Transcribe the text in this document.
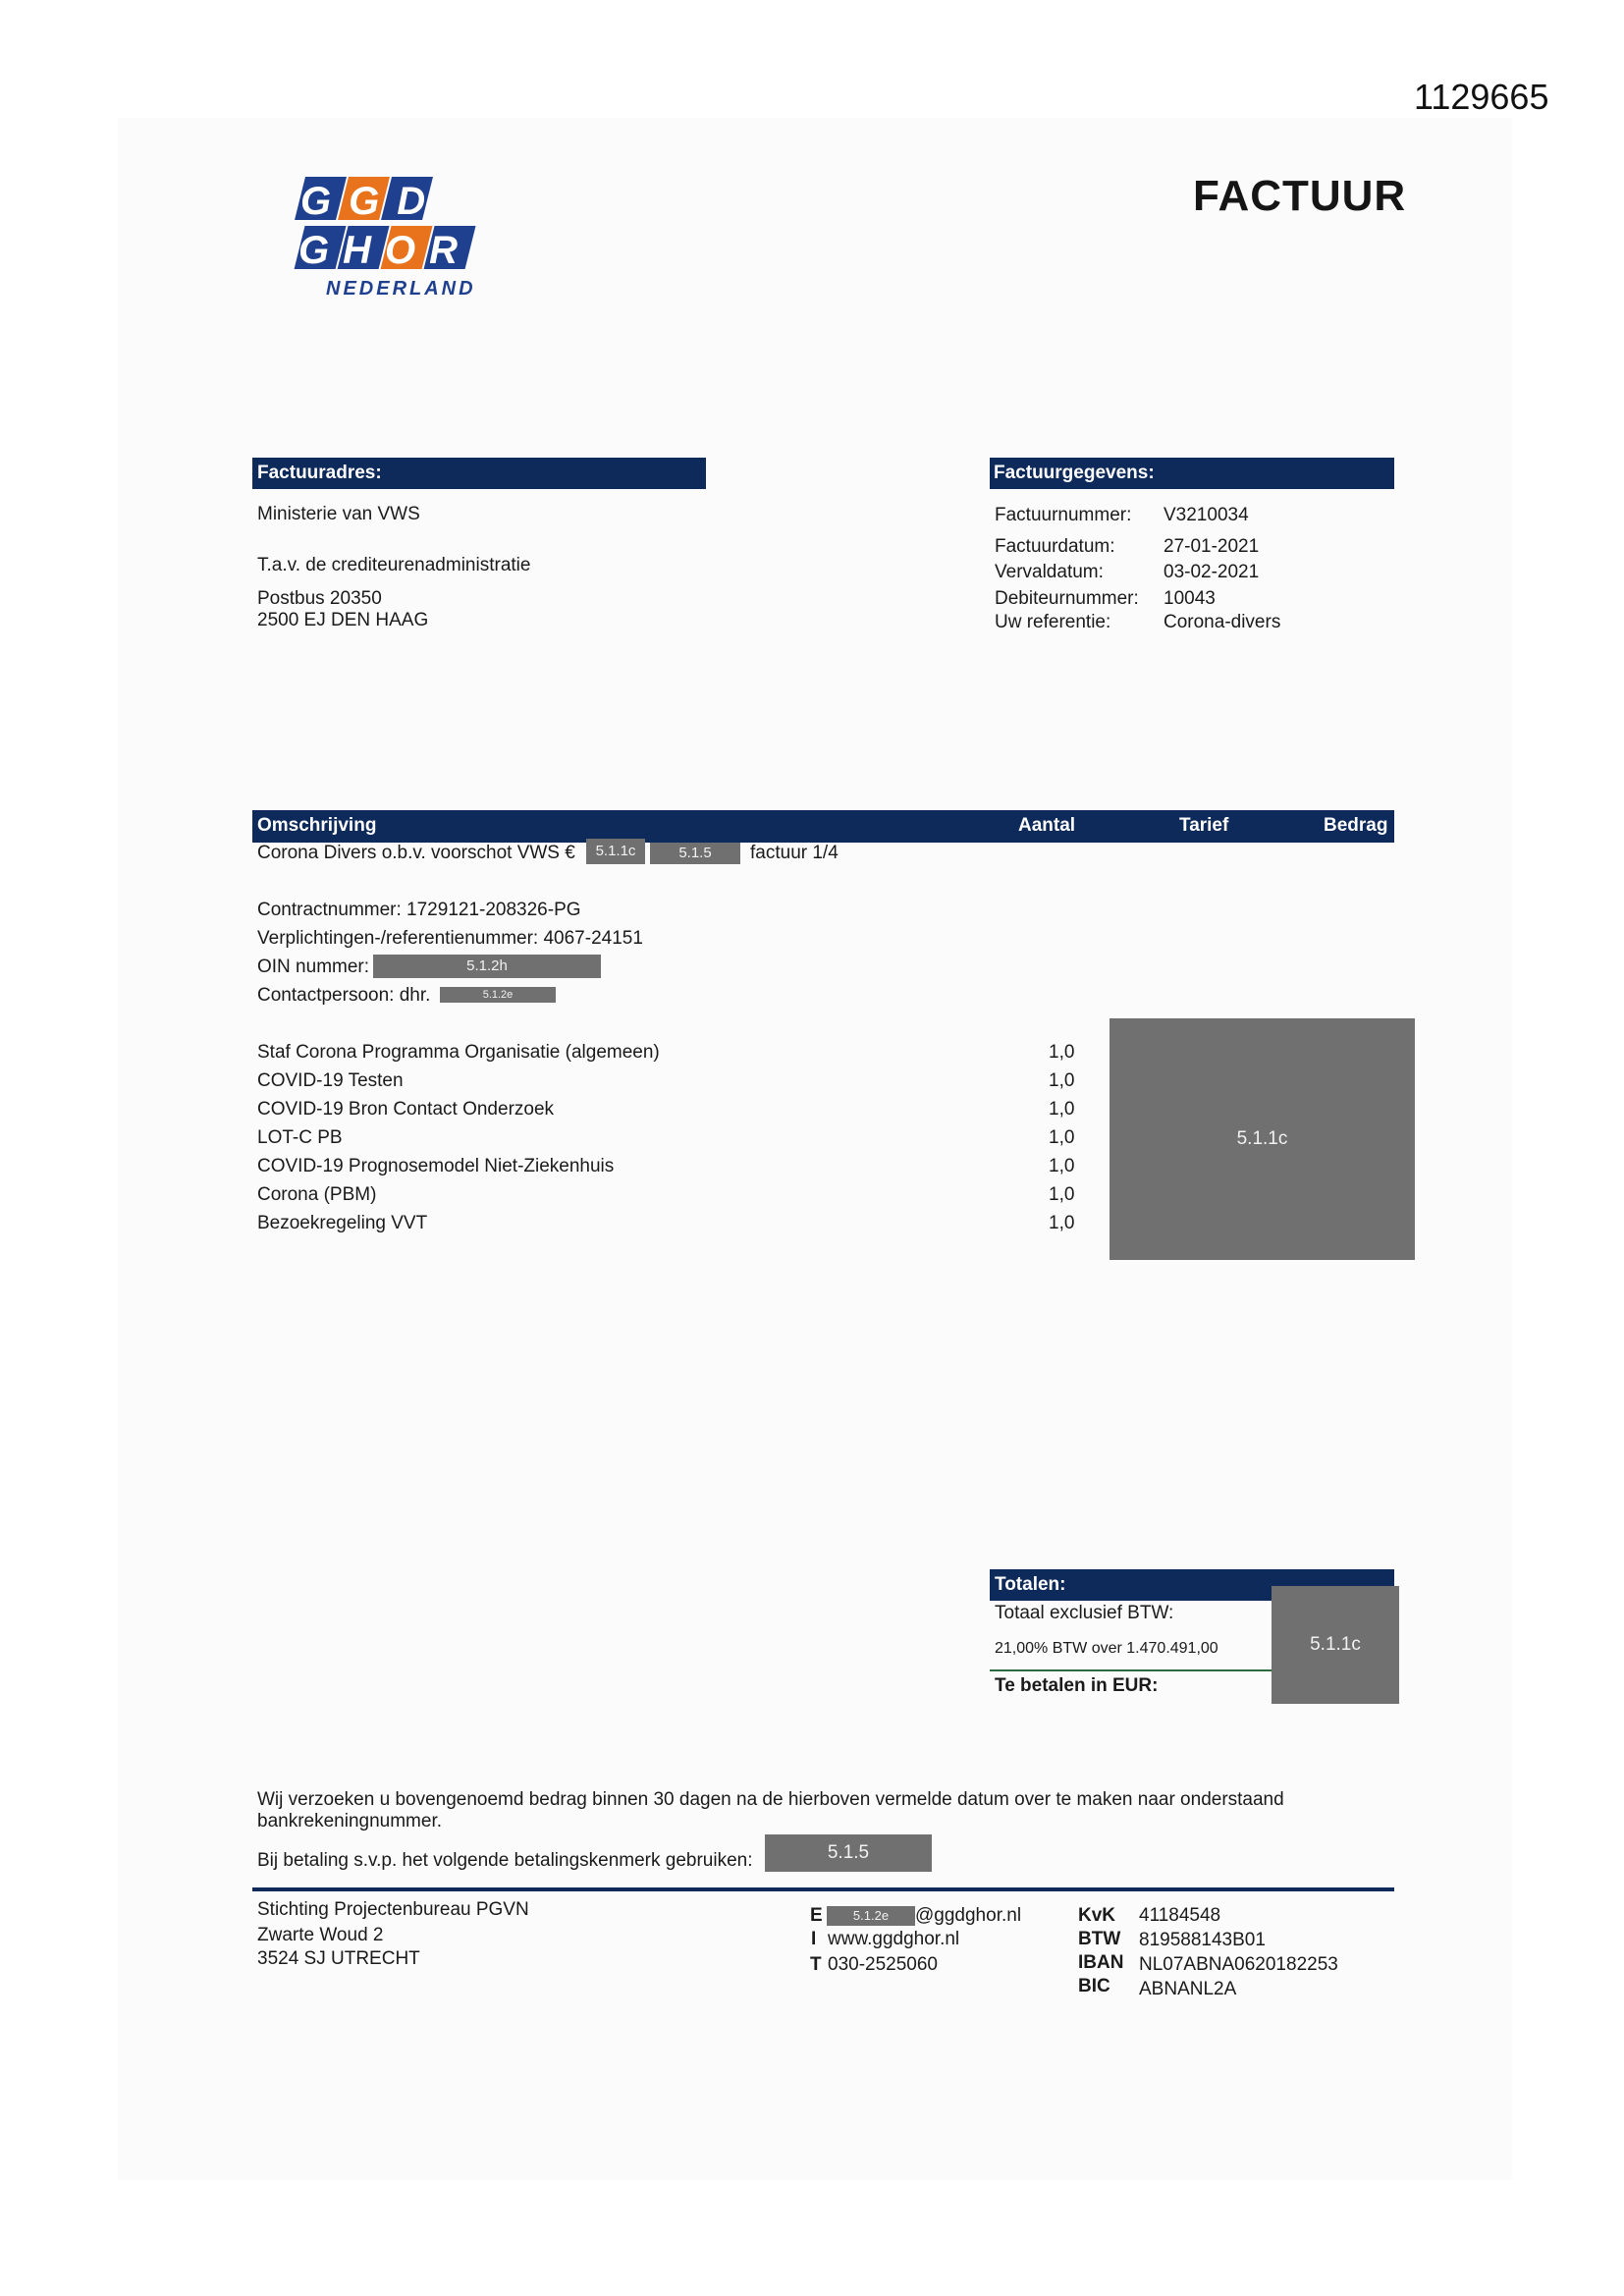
1129665
FACTUUR
GGD
GHOR
NEDERLAND
Factuuradres:
Ministerie van VWS
T.a.v. de crediteurenadministratie
Postbus 20350
2500 EJ DEN HAAG
Factuurgegevens:
Factuurnummer: V3210034
Factuurdatum:	27-01-2021
Vervaldatum:	03-02-2021
Debiteurnummer: 10043
Uw referentie:	Corona-divers
Omschrijving	Aantal	Tarief	Bedrag
Corona Divers o.b.v. voorschot VWS €	5.1.1c	5.1.5	factuur 1/4
Contractnummer: 1729121-208326-PG
Verplichtingen-/referentienummer: 4067-24151
OIN nummer:	5.1.2h
Contactpersoon: dhr.	5.1.2e
Staf Corona Programma Organisatie (algemeen)	1,0
COVID-19 Testen	1,0
COVID-19 Bron Contact Onderzoek	1,0
LOT-C PB	1,0
COVID-19 Prognosemodel Niet-Ziekenhuis	1,0
Corona (PBM)	1,0
Bezoekregeling VVT	1,0
5.1.1c
Totalen:
Totaal exclusief BTW:
21,00% BTW over 1.470.491,00
Te betalen in EUR:
5.1.1c
Wij verzoeken u bovengenoemd bedrag binnen 30 dagen na de hierboven vermelde datum over te maken naar onderstaand bankrekeningnummer.
Bij betaling s.v.p. het volgende betalingskenmerk gebruiken:	5.1.5
Stichting Projectenbureau PGVN
Zwarte Woud 2
3524 SJ UTRECHT
E	5.1.2e	@ggdghor.nl
I www.ggdghor.nl
T 030-2525060
KvK 41184548
BTW 819588143B01
IBAN NL07ABNA0620182253
BIC ABNANL2A
